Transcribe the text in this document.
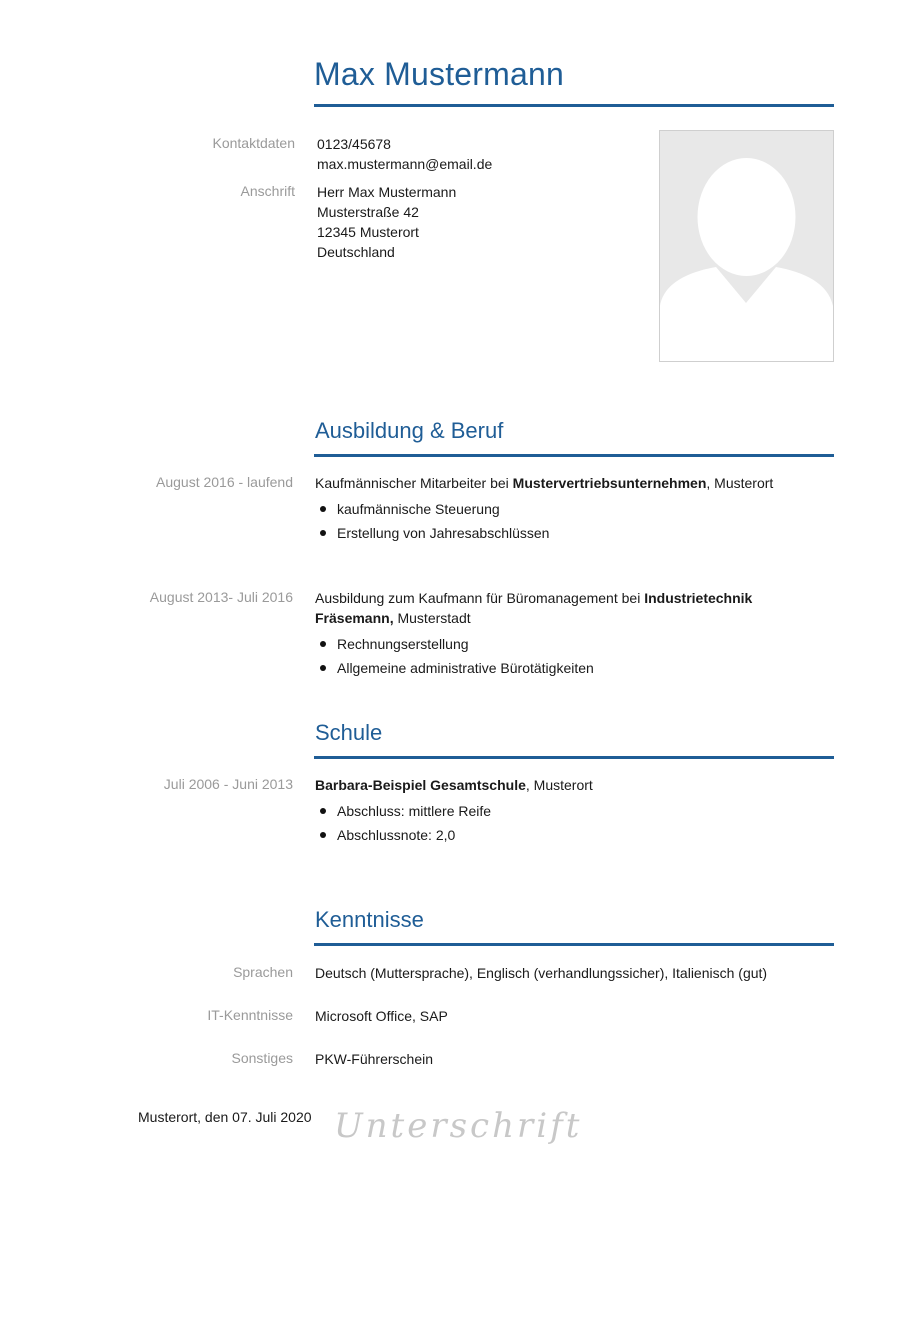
Max Mustermann
Kontaktdaten 0123/45678
max.mustermann@email.de
Anschrift Herr Max Mustermann
Musterstraße 42
12345 Musterort
Deutschland
Ausbildung & Beruf
August 2016 - laufend Kaufmännischer Mitarbeiter bei Mustervertriebsunternehmen, Musterort
kaufmännische Steuerung
Erstellung von Jahresabschlüssen
August 2013- Juli 2016 Ausbildung zum Kaufmann für Büromanagement bei Industrietechnik Fräsemann, Musterstadt
Rechnungserstellung
Allgemeine administrative Bürotätigkeiten
Schule
Juli 2006 - Juni 2013 Barbara-Beispiel Gesamtschule, Musterort
Abschluss: mittlere Reife
Abschlussnote: 2,0
Kenntnisse
Sprachen Deutsch (Muttersprache), Englisch (verhandlungssicher), Italienisch (gut)
IT-Kenntnisse Microsoft Office, SAP
Sonstiges PKW-Führerschein
Musterort, den 07. Juli 2020 Unterschrift
